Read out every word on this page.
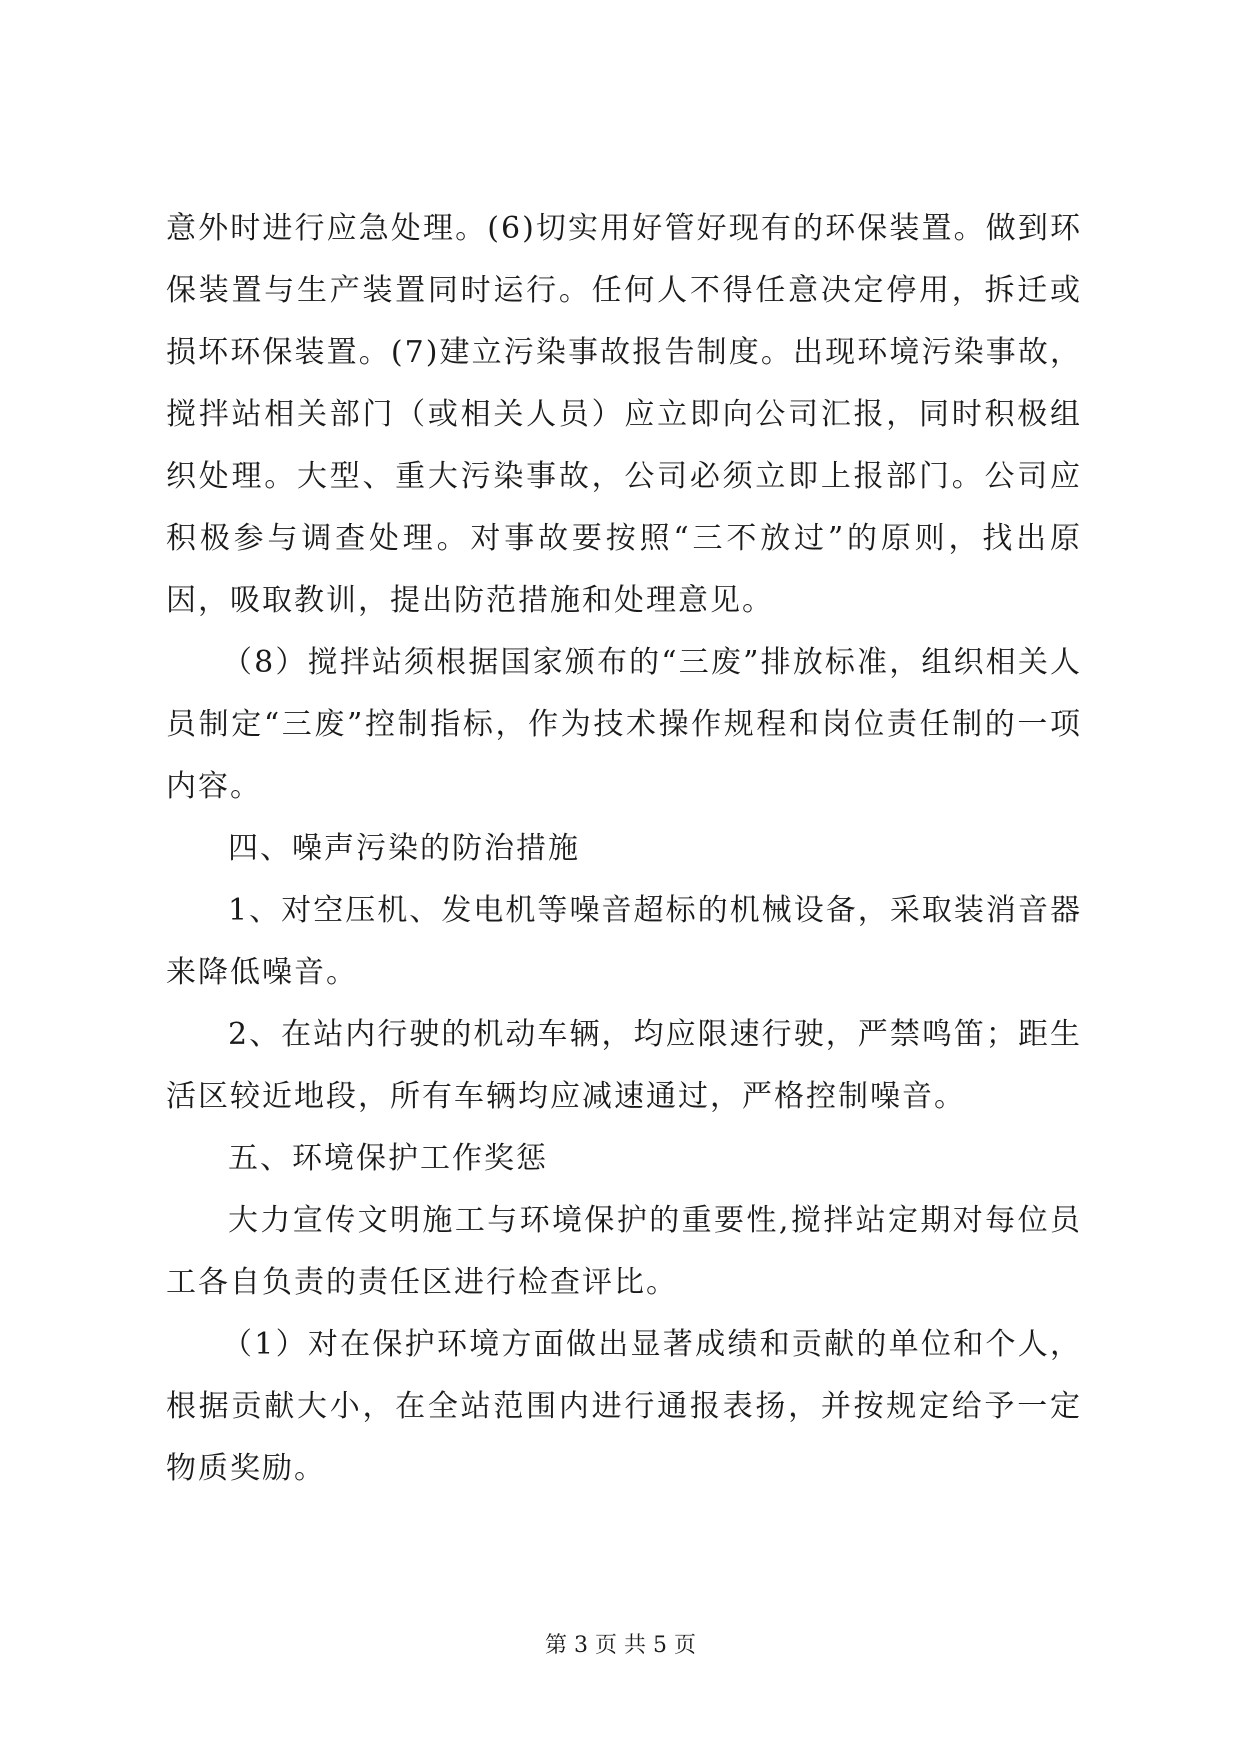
意外时进行应急处理。(6)切实用好管好现有的环保装置。做到环保装置与生产装置同时运行。任何人不得任意决定停用，拆迁或损坏环保装置。(7)建立污染事故报告制度。出现环境污染事故，搅拌站相关部门（或相关人员）应立即向公司汇报，同时积极组织处理。大型、重大污染事故，公司必须立即上报部门。公司应积极参与调查处理。对事故要按照“三不放过”的原则，找出原因，吸取教训，提出防范措施和处理意见。

（8）搅拌站须根据国家颁布的“三废”排放标准，组织相关人员制定“三废”控制指标，作为技术操作规程和岗位责任制的一项内容。

四、噪声污染的防治措施

1、对空压机、发电机等噪音超标的机械设备，采取装消音器来降低噪音。

2、在站内行驶的机动车辆，均应限速行驶，严禁鸣笛；距生活区较近地段，所有车辆均应减速通过，严格控制噪音。

五、环境保护工作奖惩

大力宣传文明施工与环境保护的重要性,搅拌站定期对每位员工各自负责的责任区进行检查评比。

（1）对在保护环境方面做出显著成绩和贡献的单位和个人，根据贡献大小，在全站范围内进行通报表扬，并按规定给予一定物质奖励。

第 3 页 共 5 页
